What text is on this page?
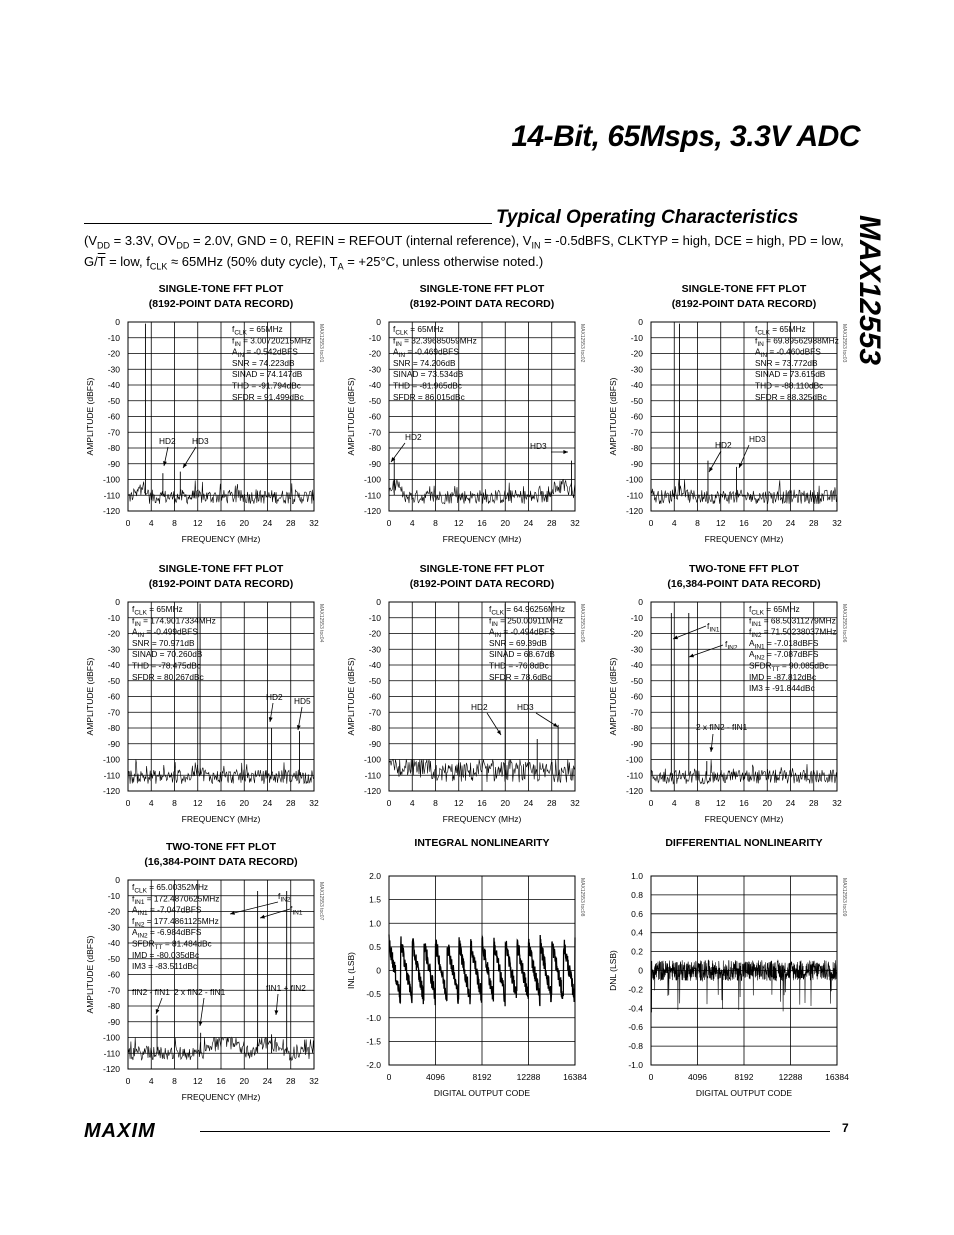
14-Bit, 65Msps, 3.3V ADC
MAX12553
Typical Operating Characteristics
($V_{DD} = 3.3V$, $OV_{DD} = 2.0V$, GND = 0, REFIN = REFOUT (internal reference), $V_{IN}$ = -0.5dBFS, CLKTYP = high, DCE = high, PD = low, $G/\overline{T}$ = low, $f_{CLK} \approx 65MHz$ (50% duty cycle), $T_A = +25^\circ C$, unless otherwise noted.)
SINGLE-TONE FFT PLOT
(8192-POINT DATA RECORD)
0
-10
-20
-30
-40
-50
-60
-70
-80
-90
-100
-110
-120
0 4 8 12 16 20 24 28 32
AMPLITUDE (dBFS)
FREQUENCY (MHz)
MAX12553 toc01
$f_{CLK} = 65MHz$
$f_{IN} = 3.00720215MHz$
$A_{IN}$ = -0.542dBFS
SNR = 74.223dB
SINAD = 74.147dB
THD = -91.794dBc
SFDR = 91.499dBc
HD2 HD3
SINGLE-TONE FFT PLOT
(8192-POINT DATA RECORD)
0
-10
-20
-30
-40
-50
-60
-70
-80
-90
-100
-110
-120
0 4 8 12 16 20 24 28 32
AMPLITUDE (dBFS)
FREQUENCY (MHz)
MAX12553 toc02
$f_{CLK} = 65MHz$
$f_{IN} = 32.39685059MHz$
$A_{IN}$ = -0.469dBFS
SNR = 74.206dB
SINAD = 73.534dB
THD = -81.965dBc
SFDR = 86.015dBc
HD2
HD3
SINGLE-TONE FFT PLOT
(8192-POINT DATA RECORD)
0
-10
-20
-30
-40
-50
-60
-70
-80
-90
-100
-110
-120
0 4 8 12 16 20 24 28 32
AMPLITUDE (dBFS)
FREQUENCY (MHz)
MAX12553 toc03
$f_{CLK} = 65MHz$
$f_{IN} = 69.89562988MHz$
$A_{IN}$ = -0.460dBFS
SNR = 73.772dB
SINAD = 73.615dB
THD = -88.110dBc
SFDR = 88.325dBc
HD2
HD3
SINGLE-TONE FFT PLOT
(8192-POINT DATA RECORD)
0
-10
-20
-30
-40
-50
-60
-70
-80
-90
-100
-110
-120
0 4 8 12 16 20 24 28 32
AMPLITUDE (dBFS)
FREQUENCY (MHz)
MAX12553 toc04
$f_{CLK} = 65MHz$
$f_{IN} = 174.9017334MHz$
$A_{IN}$ = -0.499dBFS
SNR = 70.971dB
SINAD = 70.260dB
THD = -78.475dBc
SFDR = 80.267dBc
HD2 HD5
SINGLE-TONE FFT PLOT
(8192-POINT DATA RECORD)
0
-10
-20
-30
-40
-50
-60
-70
-80
-90
-100
-110
-120
0 4 8 12 16 20 24 28 32
AMPLITUDE (dBFS)
FREQUENCY (MHz)
MAX12553 toc05
$f_{CLK} = 64.96256MHz$
$f_{IN} = 250.00911MHz$
$A_{IN}$ = -0.494dBFS
SNR = 69.39dB
SINAD = 68.67dB
THD = -76.8dBc
SFDR = 78.6dBc
HD2	HD3
TWO-TONE FFT PLOT
(16,384-POINT DATA RECORD)
0
-10
-20
-30
-40
-50
-60
-70
-80
-90
-100
-110
-120
0 4 8 12 16 20 24 28 32
AMPLITUDE (dBFS)
FREQUENCY (MHz)
MAX12553 toc06
$f_{CLK} = 65MHz$
$f_{IN1} = 68.50311279MHz$
$f_{IN2} = 71.50238037MHz$
$A_{IN1}$ = -7.018dBFS
$A_{IN2}$ = -7.087dBFS
$SFDR_{TT} = 90.085dBc$
IMD = -87.812dBc
IM3 = -91.844dBc
$f_{IN1}$
$f_{IN2}$
2 x fIN2 - fIN1
TWO-TONE FFT PLOT
(16,384-POINT DATA RECORD)
0
-10
-20
-30
-40
-50
-60
-70
-80
-90
-100
-110
-120
0 4 8 12 16 20 24 28 32
AMPLITUDE (dBFS)
FREQUENCY (MHz)
MAX12553 toc07
$f_{CLK} = 65.00352MHz$
$f_{IN1} = 172.4870625MHz$
$A_{IN1}$ = -7.047dBFS
$f_{IN2} = 177.4861125MHz$
$A_{IN2}$ = -6.984dBFS
$SFDR_{TT} = 81.484dBc$
IMD = -80.035dBc
IM3 = -83.511dBc
$f_{IN2}$
$f_{IN1}$
fIN2 - fIN1 2 x fIN2 - fIN1	fIN1 + fIN2
INTEGRAL NONLINEARITY
2.0
1.5
1.0
0.5
0
-0.5
-1.0
-1.5
-2.0
0	4096	8192	12288	16384
INL (LSB)
DIGITAL OUTPUT CODE
MAX12553 toc08
DIFFERENTIAL NONLINEARITY
1.0
0.8
0.6
0.4
0.2
0
-0.2
-0.4
-0.6
-0.8
-1.0
0	4096	8192	12288	16384
DNL (LSB)
DIGITAL OUTPUT CODE
MAX12553 toc09
MAXIM	7
